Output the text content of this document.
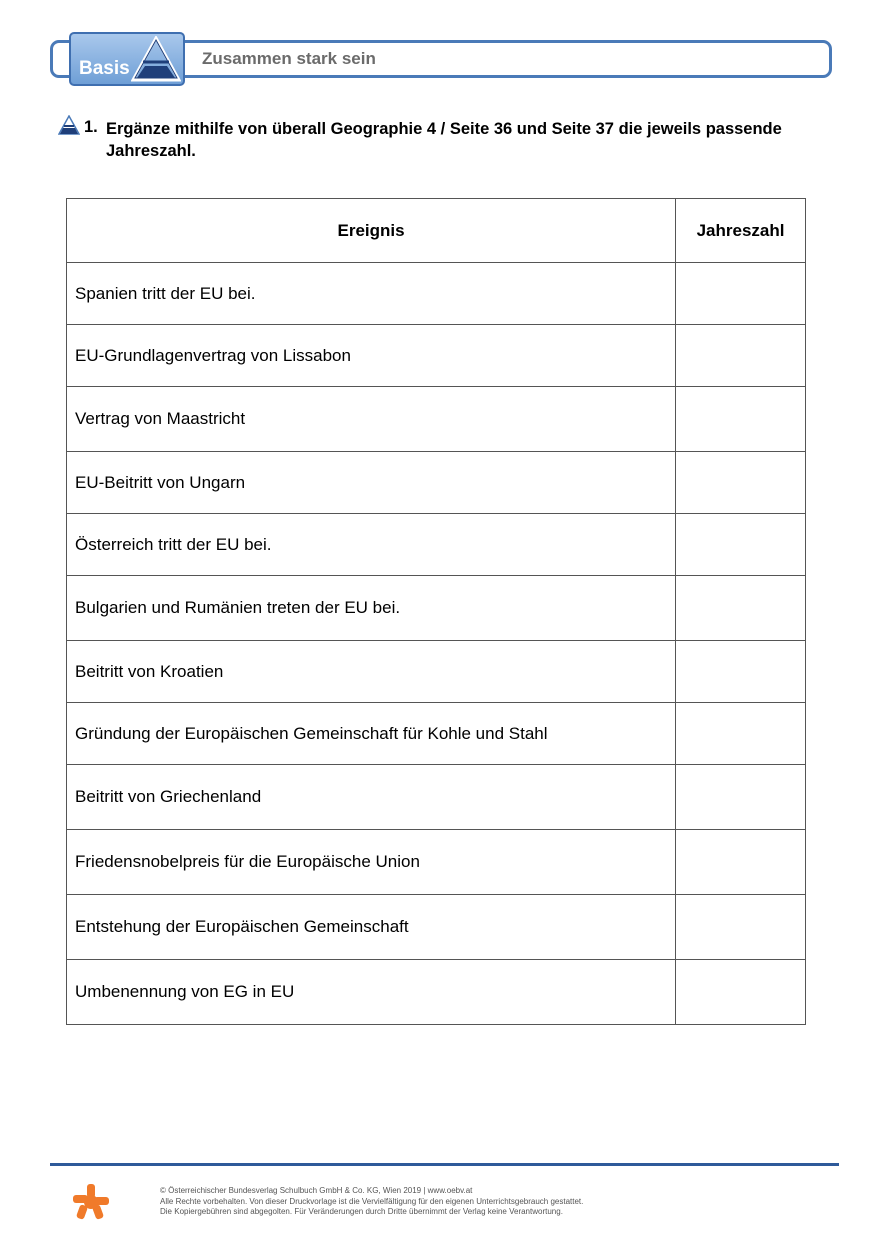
Basis	Zusammen stark sein
1. Ergänze mithilfe von überall Geographie 4 / Seite 36 und Seite 37 die jeweils passende Jahreszahl.
Ereignis	Jahreszahl
Spanien tritt der EU bei.	
EU-Grundlagenvertrag von Lissabon	
Vertrag von Maastricht	
EU-Beitritt von Ungarn	
Österreich tritt der EU bei.	
Bulgarien und Rumänien treten der EU bei.	
Beitritt von Kroatien	
Gründung der Europäischen Gemeinschaft für Kohle und Stahl	
Beitritt von Griechenland	
Friedensnobelpreis für die Europäische Union	
Entstehung der Europäischen Gemeinschaft	
Umbenennung von EG in EU	
© Österreichischer Bundesverlag Schulbuch GmbH & Co. KG, Wien 2019 | www.oebv.at
Alle Rechte vorbehalten. Von dieser Druckvorlage ist die Vervielfältigung für den eigenen Unterrichtsgebrauch gestattet.
Die Kopiergebühren sind abgegolten. Für Veränderungen durch Dritte übernimmt der Verlag keine Verantwortung.
